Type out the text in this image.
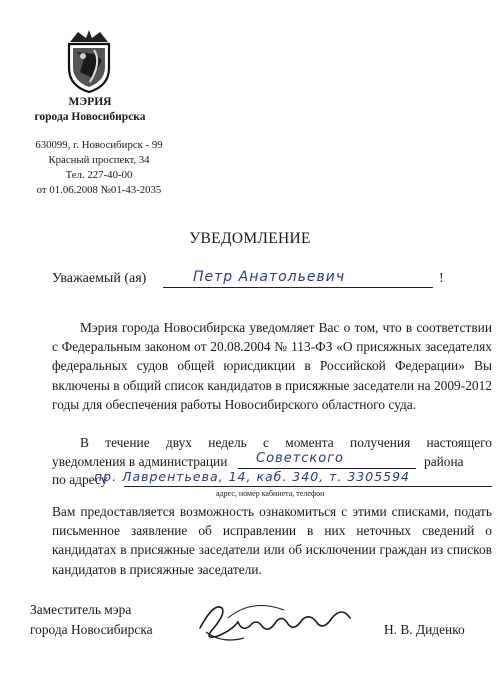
МЭРИЯ
города Новосибирска
630099, г. Новосибирск - 99
Красный проспект, 34
Тел. 227-40-00
от 01.06.2008 №01-43-2035
УВЕДОМЛЕНИЕ
Уважаемый (ая)	Петр Анатольевич	!
Мэрия города Новосибирска уведомляет Вас о том, что в соответствии с Федеральным законом от 20.08.2004 № 113-ФЗ «О присяжных заседателях федеральных судов общей юрисдикции в Российской Федерации» Вы включены в общий список кандидатов в присяжные заседатели на 2009-2012 годы для обеспечения работы Новосибирского областного суда.
В течение двух недель с момента получения настоящего
уведомления в администрации Советского	района
по адресу
пр. Лаврентьева, 14, каб. 340, т. 3305594
адрес, номер кабинета, телефон
Вам предоставляется возможность ознакомиться с этими списками, подать письменное заявление об исправлении в них неточных сведений о кандидатах в присяжные заседатели или об исключении граждан из списков кандидатов в присяжные заседатели.
Заместитель мэра
города Новосибирска	Н. В. Диденко
